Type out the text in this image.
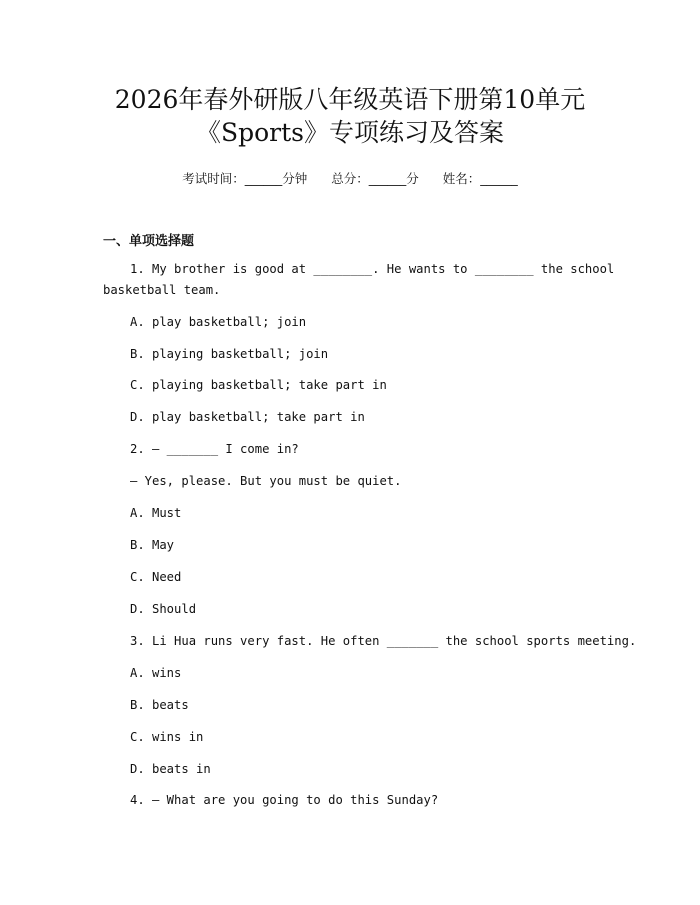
2026年春外研版八年级英语下册第10单元
《Sports》专项练习及答案
考试时间：______分钟 总分：______分 姓名：______
一、单项选择题
1. My brother is good at ________. He wants to ________ the school
basketball team.
A. play basketball; join
B. playing basketball; join
C. playing basketball; take part in
D. play basketball; take part in
2. — _______ I come in?
— Yes, please. But you must be quiet.
A. Must
B. May
C. Need
D. Should
3. Li Hua runs very fast. He often _______ the school sports meeting.
A. wins
B. beats
C. wins in
D. beats in
4. — What are you going to do this Sunday?
